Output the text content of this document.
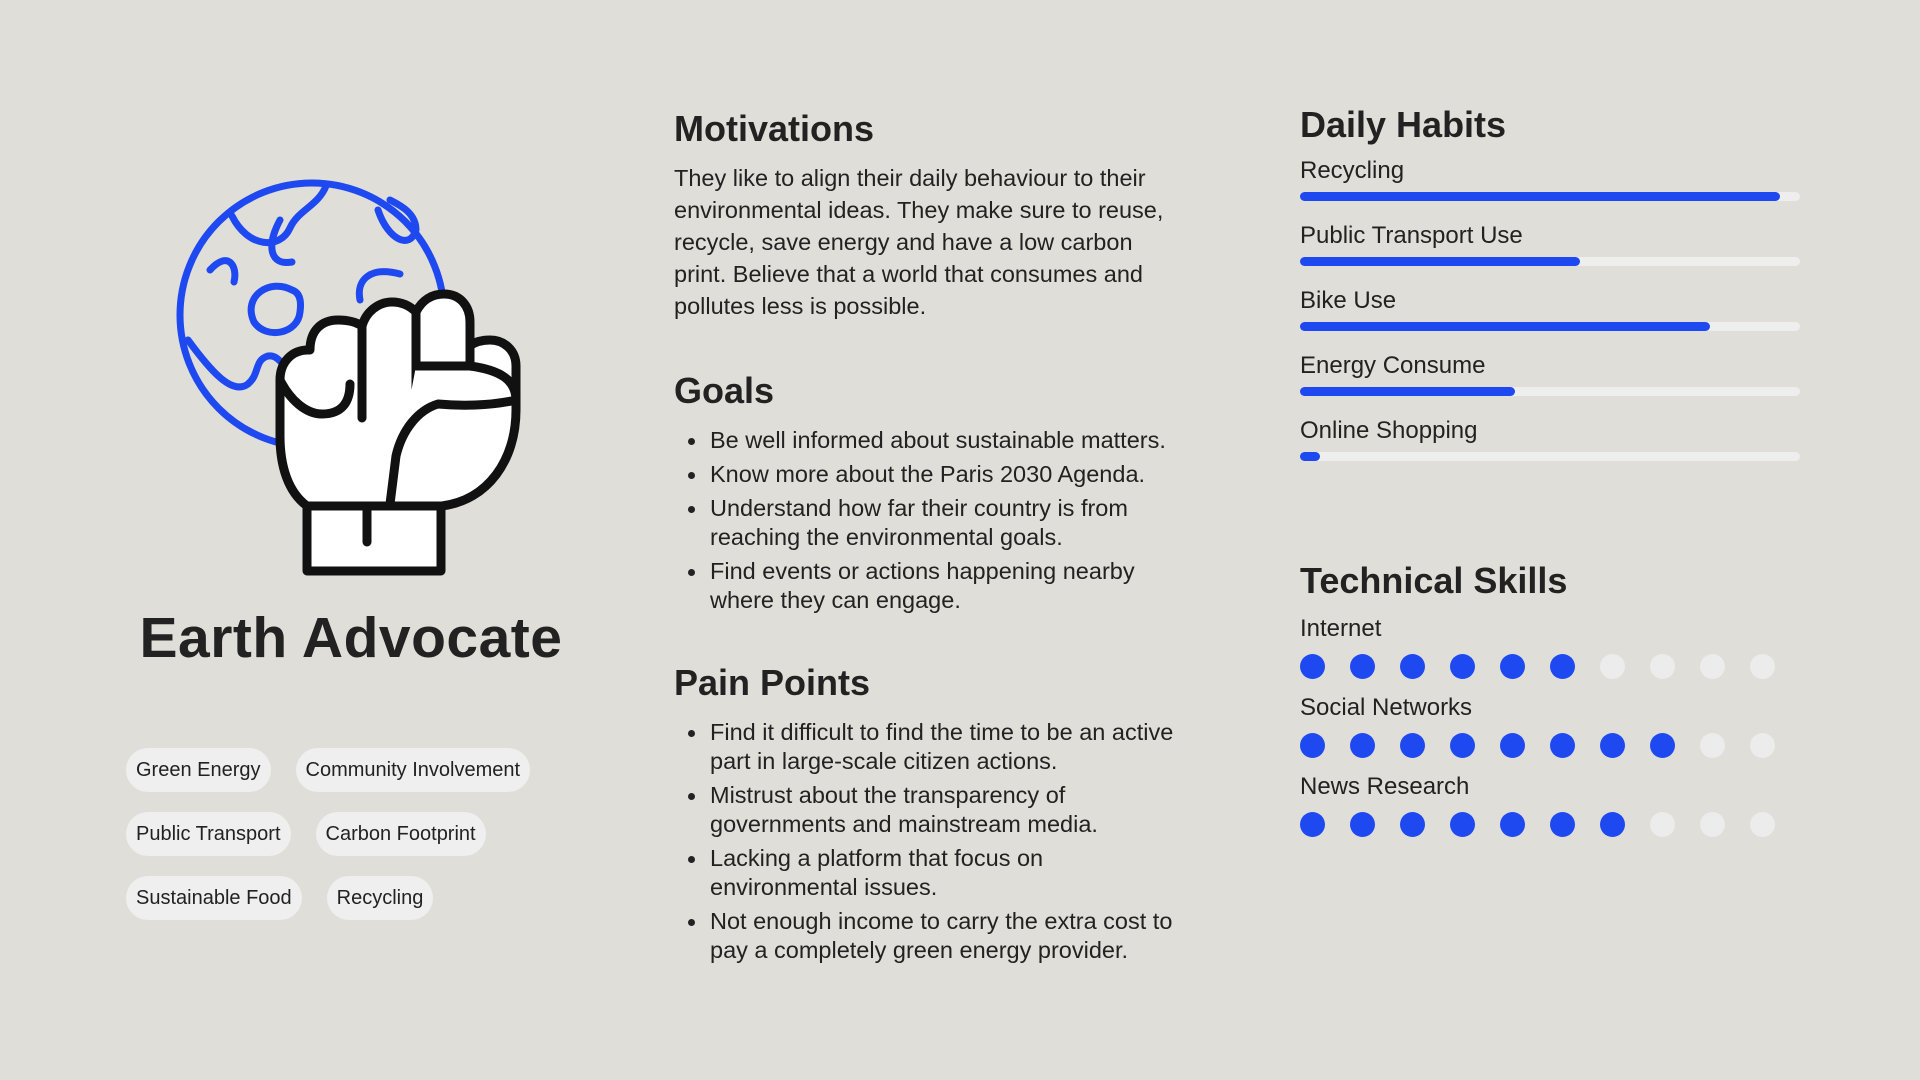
Earth Advocate
Green Energy	Community Involvement
Public Transport	Carbon Footprint
Sustainable Food	Recycling
Motivations

They like to align their daily behaviour to their environmental ideas. They make sure to reuse, recycle, save energy and have a low carbon print. Believe that a world that consumes and pollutes less is possible.

Goals
Be well informed about sustainable matters.
Know more about the Paris 2030 Agenda.
Understand how far their country is from reaching the environmental goals.
Find events or actions happening nearby where they can engage.
Pain Points
Find it difficult to find the time to be an active part in large-scale citizen actions.
Mistrust about the transparency of governments and mainstream media.
Lacking a platform that focus on environmental issues.
Not enough income to carry the extra cost to pay a completely green energy provider.
Daily Habits
Recycling
Public Transport Use
Bike Use
Energy Consume
Online Shopping
Technical Skills
Internet
Social Networks
News Research
